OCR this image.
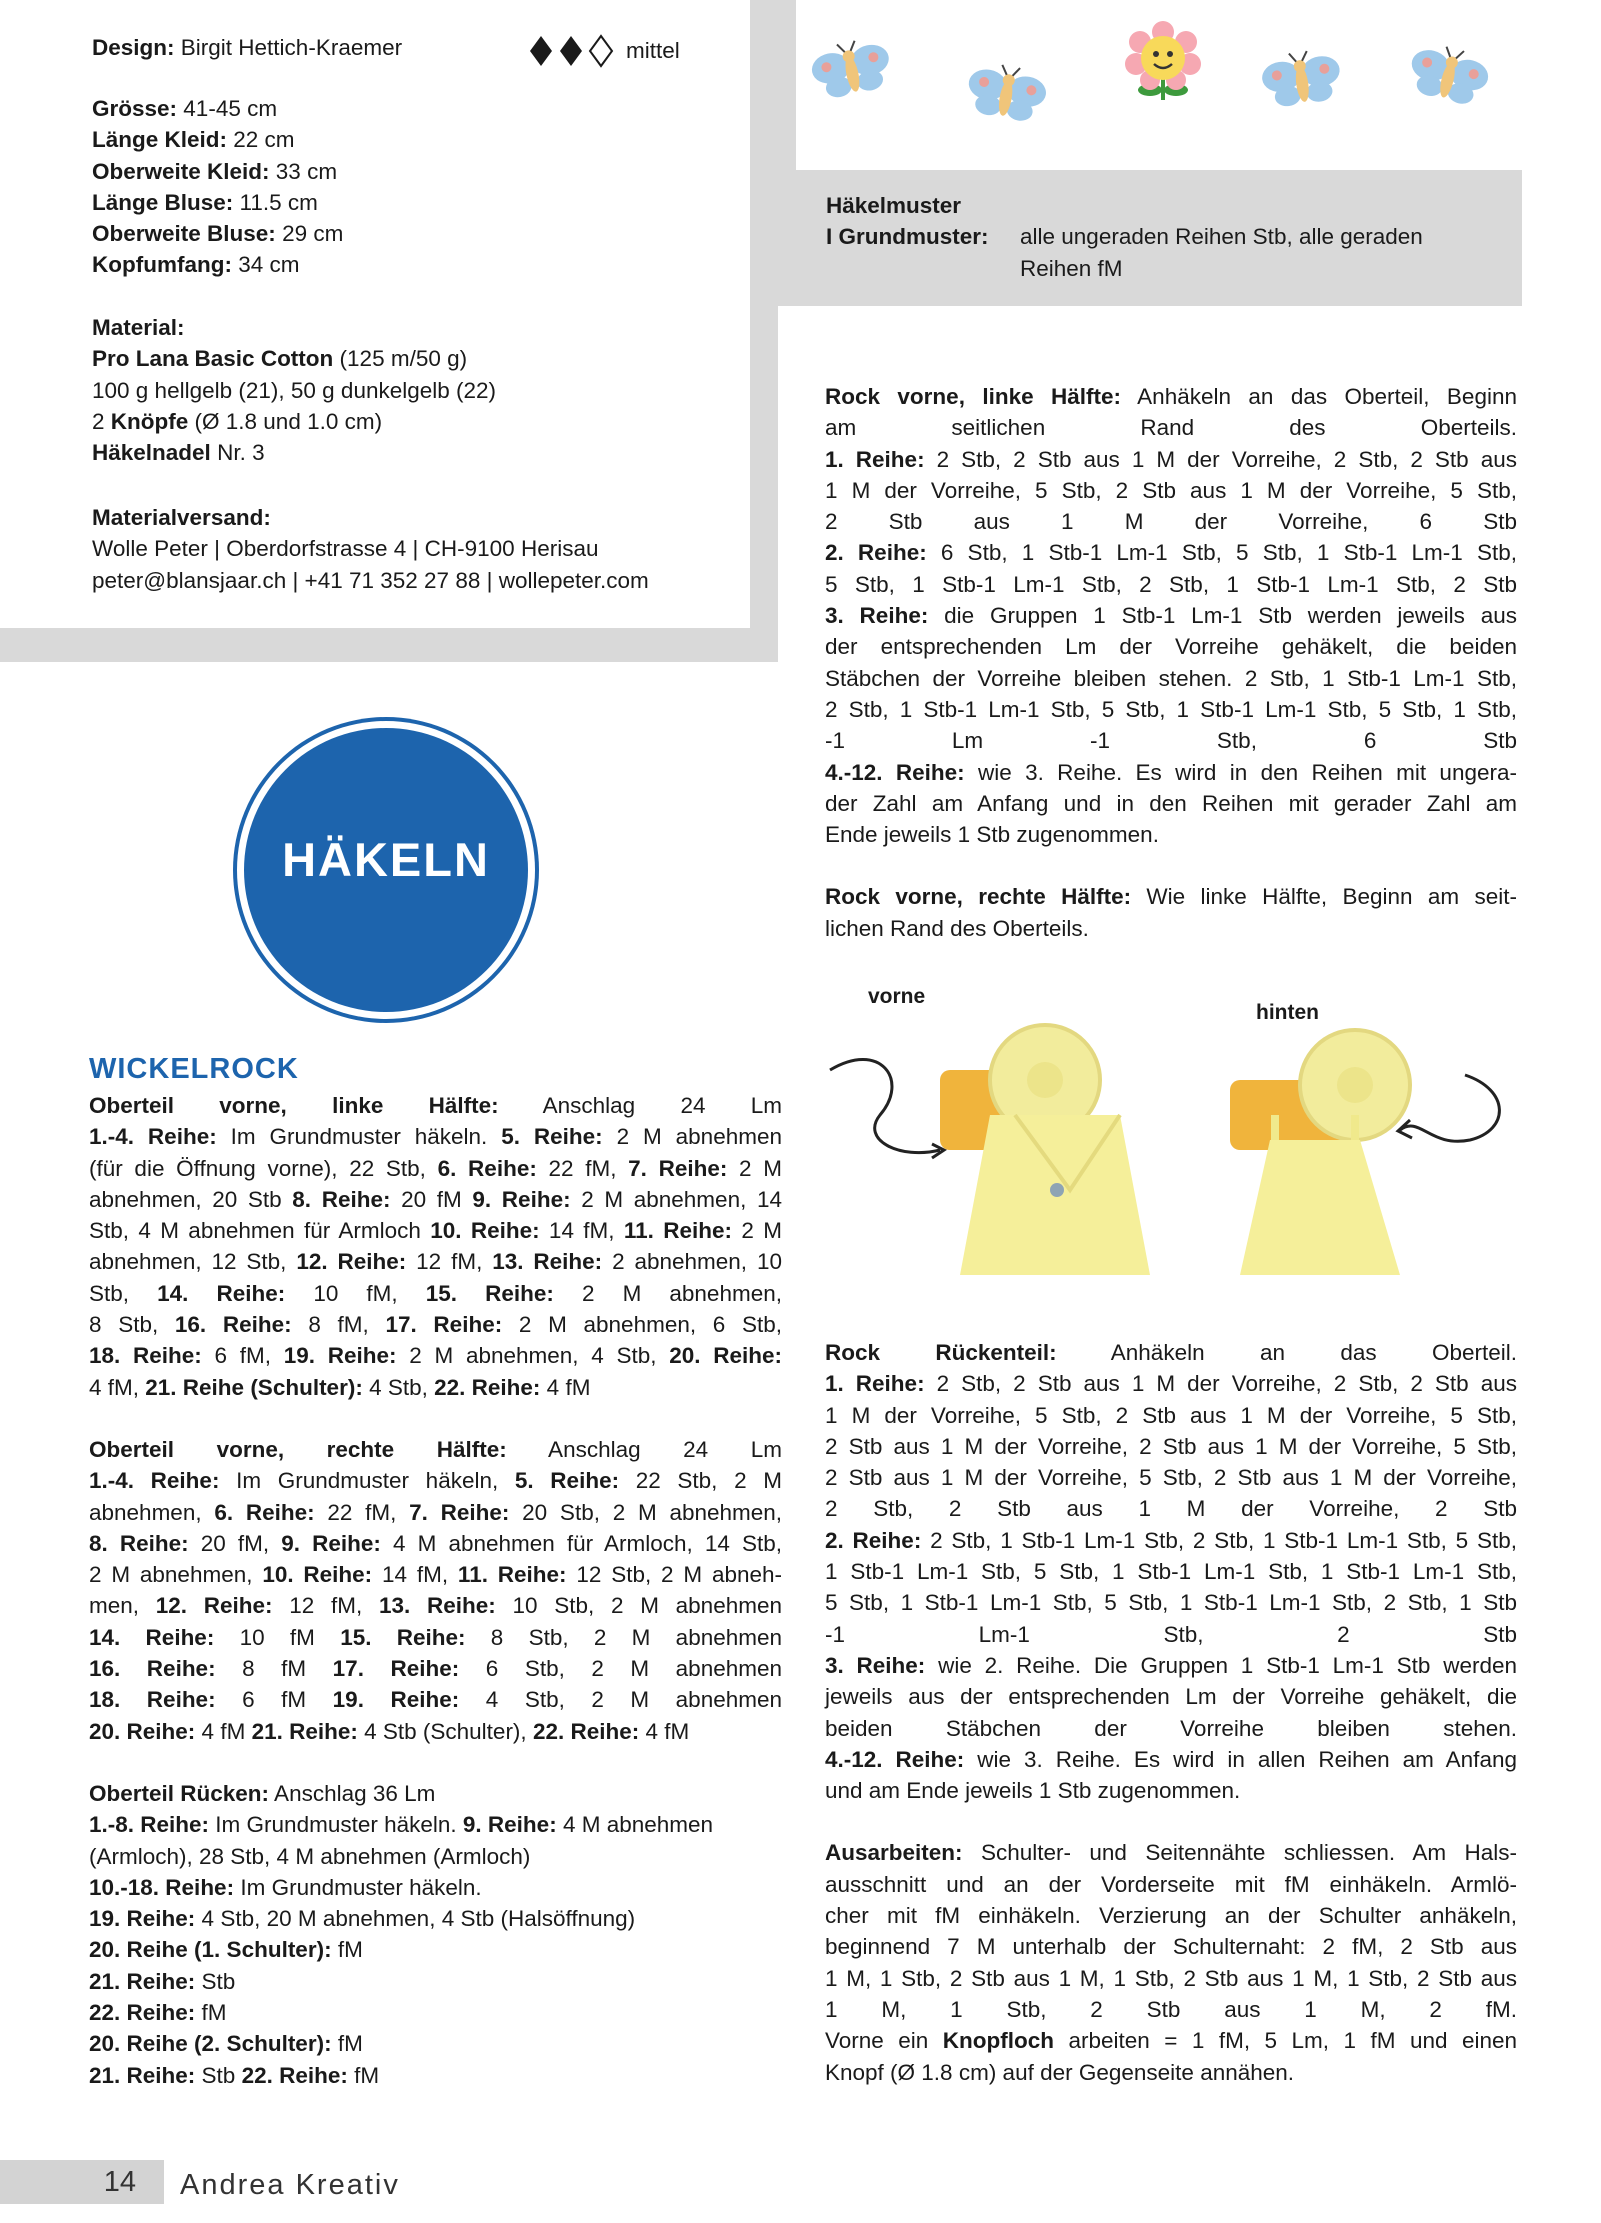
Design: Birgit Hettich-Kraemer	mittel

Grösse: 41-45 cm

Länge Kleid: 22 cm

Oberweite Kleid: 33 cm

Länge Bluse: 11.5 cm

Oberweite Bluse: 29 cm

Kopfumfang: 34 cm

Material:

Pro Lana Basic Cotton (125 m/50 g)

100 g hellgelb (21), 50 g dunkelgelb (22)

2 Knöpfe (Ø 1.8 und 1.0 cm)

Häkelnadel Nr. 3

Materialversand:

Wolle Peter | Oberdorfstrasse 4 | CH-9100 Herisau

peter@blansjaar.ch | +41 71 352 27 88 | wollepeter.com

Häkelmuster

I Grundmuster: alle ungeraden Reihen Stb, alle geraden

Reihen fM

HÄKELN
WICKELROCK

Oberteil vorne, linke Hälfte: Anschlag 24 Lm

1.-4. Reihe: Im Grundmuster häkeln. 5. Reihe: 2 M abnehmen

(für die Öffnung vorne), 22 Stb, 6. Reihe: 22 fM, 7. Reihe: 2 M

abnehmen, 20 Stb 8. Reihe: 20 fM 9. Reihe: 2 M abnehmen, 14

Stb, 4 M abnehmen für Armloch 10. Reihe: 14 fM, 11. Reihe: 2 M

abnehmen, 12 Stb, 12. Reihe: 12 fM, 13. Reihe: 2 abnehmen, 10

Stb, 14. Reihe: 10 fM, 15. Reihe: 2 M abnehmen,

8 Stb, 16. Reihe: 8 fM, 17. Reihe: 2 M abnehmen, 6 Stb,

18. Reihe: 6 fM, 19. Reihe: 2 M abnehmen, 4 Stb, 20. Reihe:

4 fM, 21. Reihe (Schulter): 4 Stb, 22. Reihe: 4 fM

Oberteil vorne, rechte Hälfte: Anschlag 24 Lm

1.-4. Reihe: Im Grundmuster häkeln, 5. Reihe: 22 Stb, 2 M

abnehmen, 6. Reihe: 22 fM, 7. Reihe: 20 Stb, 2 M abnehmen,

8. Reihe: 20 fM, 9. Reihe: 4 M abnehmen für Armloch, 14 Stb,

2 M abnehmen, 10. Reihe: 14 fM, 11. Reihe: 12 Stb, 2 M abneh-

men, 12. Reihe: 12 fM, 13. Reihe: 10 Stb, 2 M abnehmen

14. Reihe: 10 fM 15. Reihe: 8 Stb, 2 M abnehmen

16. Reihe: 8 fM 17. Reihe: 6 Stb, 2 M abnehmen

18. Reihe: 6 fM 19. Reihe: 4 Stb, 2 M abnehmen

20. Reihe: 4 fM 21. Reihe: 4 Stb (Schulter), 22. Reihe: 4 fM

Oberteil Rücken: Anschlag 36 Lm

1.-8. Reihe: Im Grundmuster häkeln. 9. Reihe: 4 M abnehmen

(Armloch), 28 Stb, 4 M abnehmen (Armloch)

10.-18. Reihe: Im Grundmuster häkeln.

19. Reihe: 4 Stb, 20 M abnehmen, 4 Stb (Halsöffnung)

20. Reihe (1. Schulter): fM

21. Reihe: Stb

22. Reihe: fM

20. Reihe (2. Schulter): fM

21. Reihe: Stb 22. Reihe: fM

Rock vorne, linke Hälfte: Anhäkeln an das Oberteil, Beginn

am seitlichen Rand des Oberteils.

1. Reihe: 2 Stb, 2 Stb aus 1 M der Vorreihe, 2 Stb, 2 Stb aus

1 M der Vorreihe, 5 Stb, 2 Stb aus 1 M der Vorreihe, 5 Stb,

2 Stb aus 1 M der Vorreihe, 6 Stb

2. Reihe: 6 Stb, 1 Stb-1 Lm-1 Stb, 5 Stb, 1 Stb-1 Lm-1 Stb,

5 Stb, 1 Stb-1 Lm-1 Stb, 2 Stb, 1 Stb-1 Lm-1 Stb, 2 Stb

3. Reihe: die Gruppen 1 Stb-1 Lm-1 Stb werden jeweils aus

der entsprechenden Lm der Vorreihe gehäkelt, die beiden

Stäbchen der Vorreihe bleiben stehen. 2 Stb, 1 Stb-1 Lm-1 Stb,

2 Stb, 1 Stb-1 Lm-1 Stb, 5 Stb, 1 Stb-1 Lm-1 Stb, 5 Stb, 1 Stb,

-1 Lm -1 Stb, 6 Stb

4.-12. Reihe: wie 3. Reihe. Es wird in den Reihen mit ungera-

der Zahl am Anfang und in den Reihen mit gerader Zahl am

Ende jeweils 1 Stb zugenommen.

Rock vorne, rechte Hälfte: Wie linke Hälfte, Beginn am seit-

lichen Rand des Oberteils.

vorne
hinten

Rock Rückenteil: Anhäkeln an das Oberteil.

1. Reihe: 2 Stb, 2 Stb aus 1 M der Vorreihe, 2 Stb, 2 Stb aus

1 M der Vorreihe, 5 Stb, 2 Stb aus 1 M der Vorreihe, 5 Stb,

2 Stb aus 1 M der Vorreihe, 2 Stb aus 1 M der Vorreihe, 5 Stb,

2 Stb aus 1 M der Vorreihe, 5 Stb, 2 Stb aus 1 M der Vorreihe,

2 Stb, 2 Stb aus 1 M der Vorreihe, 2 Stb

2. Reihe: 2 Stb, 1 Stb-1 Lm-1 Stb, 2 Stb, 1 Stb-1 Lm-1 Stb, 5 Stb,

1 Stb-1 Lm-1 Stb, 5 Stb, 1 Stb-1 Lm-1 Stb, 1 Stb-1 Lm-1 Stb,

5 Stb, 1 Stb-1 Lm-1 Stb, 5 Stb, 1 Stb-1 Lm-1 Stb, 2 Stb, 1 Stb

-1 Lm-1 Stb, 2 Stb

3. Reihe: wie 2. Reihe. Die Gruppen 1 Stb-1 Lm-1 Stb werden

jeweils aus der entsprechenden Lm der Vorreihe gehäkelt, die

beiden Stäbchen der Vorreihe bleiben stehen.

4.-12. Reihe: wie 3. Reihe. Es wird in allen Reihen am Anfang

und am Ende jeweils 1 Stb zugenommen.

Ausarbeiten: Schulter- und Seitennähte schliessen. Am Hals-

ausschnitt und an der Vorderseite mit fM einhäkeln. Armlö-

cher mit fM einhäkeln. Verzierung an der Schulter anhäkeln,

beginnend 7 M unterhalb der Schulternaht: 2 fM, 2 Stb aus

1 M, 1 Stb, 2 Stb aus 1 M, 1 Stb, 2 Stb aus 1 M, 1 Stb, 2 Stb aus

1 M, 1 Stb, 2 Stb aus 1 M, 2 fM.

Vorne ein Knopfloch arbeiten = 1 fM, 5 Lm, 1 fM und einen

Knopf (Ø 1.8 cm) auf der Gegenseite annähen.

14	Andrea Kreativ
